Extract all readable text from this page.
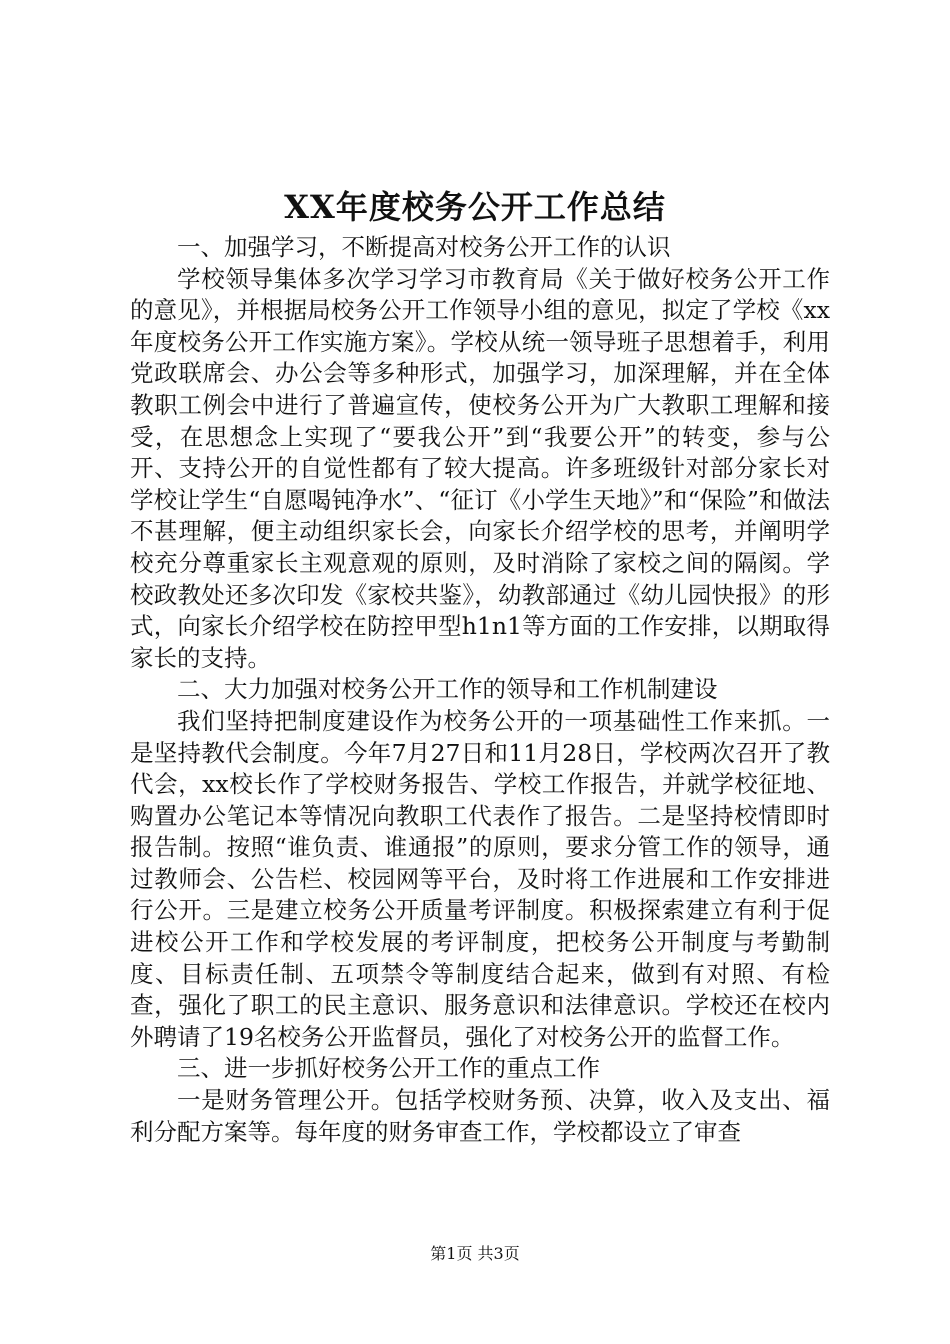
XX年度校务公开工作总结

一、加强学习，不断提高对校务公开工作的认识

学校领导集体多次学习学习市教育局《关于做好校务公开工作的意见》，并根据局校务公开工作领导小组的意见，拟定了学校《xx年度校务公开工作实施方案》。学校从统一领导班子思想着手，利用党政联席会、办公会等多种形式，加强学习，加深理解，并在全体教职工例会中进行了普遍宣传，使校务公开为广大教职工理解和接受，在思想念上实现了“要我公开”到“我要公开”的转变，参与公开、支持公开的自觉性都有了较大提高。许多班级针对部分家长对学校让学生“自愿喝钝净水”、“征订《小学生天地》”和“保险”和做法不甚理解，便主动组织家长会，向家长介绍学校的思考，并阐明学校充分尊重家长主观意观的原则，及时消除了家校之间的隔阂。学校政教处还多次印发《家校共鉴》，幼教部通过《幼儿园快报》的形式，向家长介绍学校在防控甲型h1n1等方面的工作安排，以期取得家长的支持。

二、大力加强对校务公开工作的领导和工作机制建设

我们坚持把制度建设作为校务公开的一项基础性工作来抓。一是坚持教代会制度。今年7月27日和11月28日，学校两次召开了教代会，xx校长作了学校财务报告、学校工作报告，并就学校征地、购置办公笔记本等情况向教职工代表作了报告。二是坚持校情即时报告制。按照“谁负责、谁通报”的原则，要求分管工作的领导，通过教师会、公告栏、校园网等平台，及时将工作进展和工作安排进行公开。三是建立校务公开质量考评制度。积极探索建立有利于促进校公开工作和学校发展的考评制度，把校务公开制度与考勤制度、目标责任制、五项禁令等制度结合起来，做到有对照、有检查，强化了职工的民主意识、服务意识和法律意识。学校还在校内外聘请了19名校务公开监督员，强化了对校务公开的监督工作。

三、进一步抓好校务公开工作的重点工作

一是财务管理公开。包括学校财务预、决算，收入及支出、福利分配方案等。每年度的财务审查工作，学校都设立了审查

第1页 共3页
